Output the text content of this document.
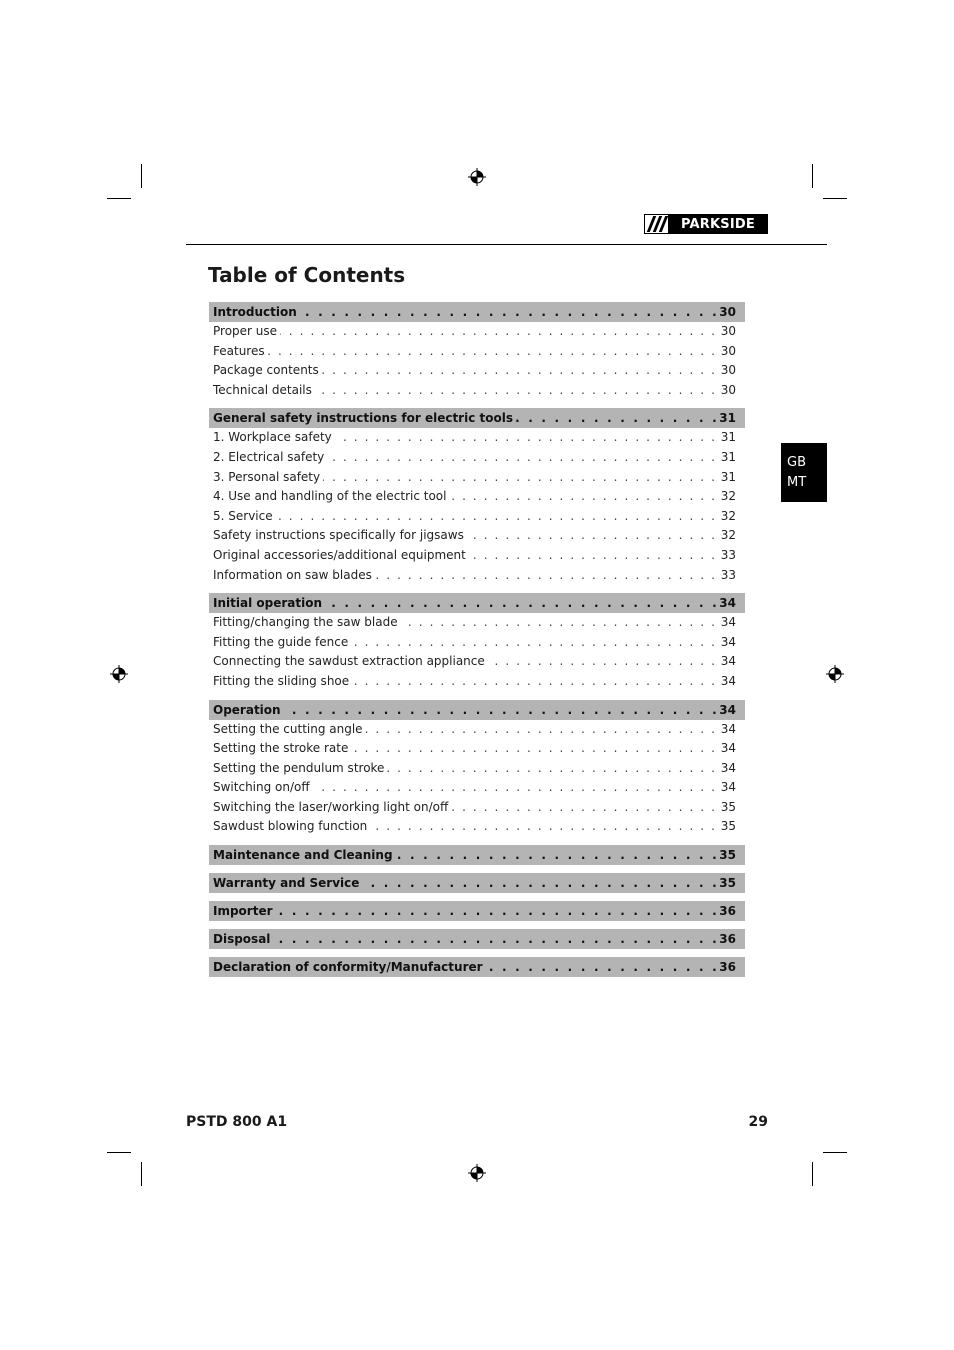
PARKSIDE
Table of Contents
GB
MT
. . .
Introduction	30
. . .
Proper use	30
. . .
Features	30
. . .
Package contents	30
. . .
Technical details	30
. . .
General safety instructions for electric tools	31
. . .
1. Workplace safety	31
. . .
2. Electrical safety	31
. . .
3. Personal safety	31
. . .
4. Use and handling of the electric tool	32
. . .
5. Service	32
. . .
Safety instructions specifically for jigsaws	32
. . .
Original accessories/additional equipment	33
. . .
Information on saw blades	33
. . .
Initial operation	34
. . .
Fitting/changing the saw blade	34
. . .
Fitting the guide fence	34
. . .
Connecting the sawdust extraction appliance	34
. . .
Fitting the sliding shoe	34
. . .
Operation	34
. . .
Setting the cutting angle	34
. . .
Setting the stroke rate	34
. . .
Setting the pendulum stroke	34
. . .
Switching on/off	34
. . .
Switching the laser/working light on/off	35
. . .
Sawdust blowing function	35
. . .
Maintenance and Cleaning	35
. . .
Warranty and Service	35
. . .
Importer	36
. . .
Disposal	36
. . .
Declaration of conformity/Manufacturer	36
PSTD 800 A1	29
